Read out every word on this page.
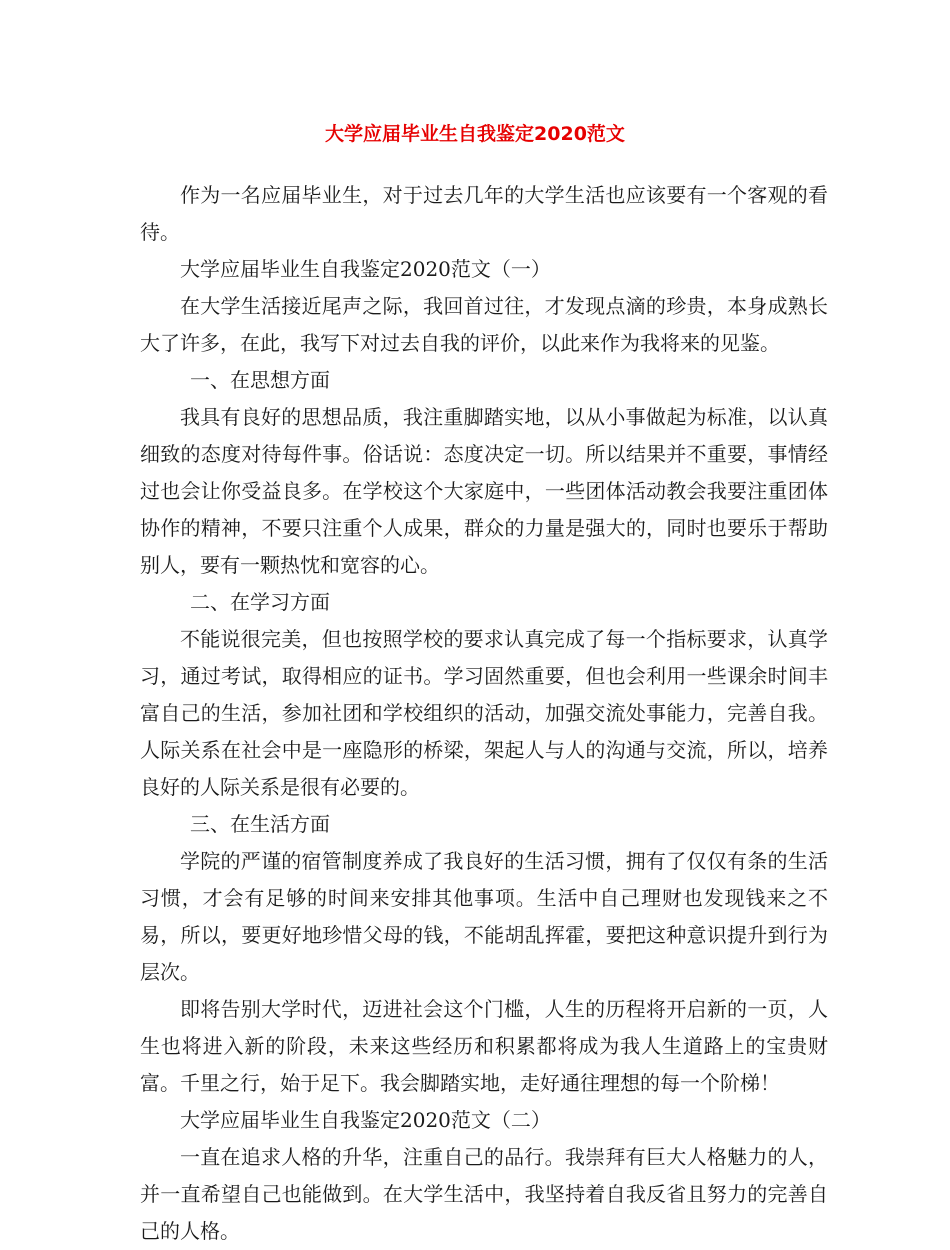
大学应届毕业生自我鉴定2020范文

作为一名应届毕业生，对于过去几年的大学生活也应该要有一个客观的看待。

大学应届毕业生自我鉴定2020范文（一）

在大学生活接近尾声之际，我回首过往，才发现点滴的珍贵，本身成熟长大了许多，在此，我写下对过去自我的评价，以此来作为我将来的见鉴。

一、在思想方面

我具有良好的思想品质，我注重脚踏实地，以从小事做起为标准，以认真细致的态度对待每件事。俗话说：态度决定一切。所以结果并不重要，事情经过也会让你受益良多。在学校这个大家庭中，一些团体活动教会我要注重团体协作的精神，不要只注重个人成果，群众的力量是强大的，同时也要乐于帮助别人，要有一颗热忱和宽容的心。

二、在学习方面

不能说很完美，但也按照学校的要求认真完成了每一个指标要求，认真学习，通过考试，取得相应的证书。学习固然重要，但也会利用一些课余时间丰富自己的生活，参加社团和学校组织的活动，加强交流处事能力，完善自我。人际关系在社会中是一座隐形的桥梁，架起人与人的沟通与交流，所以，培养良好的人际关系是很有必要的。

三、在生活方面

学院的严谨的宿管制度养成了我良好的生活习惯，拥有了仅仅有条的生活习惯，才会有足够的时间来安排其他事项。生活中自己理财也发现钱来之不易，所以，要更好地珍惜父母的钱，不能胡乱挥霍，要把这种意识提升到行为层次。

即将告别大学时代，迈进社会这个门槛，人生的历程将开启新的一页，人生也将进入新的阶段，未来这些经历和积累都将成为我人生道路上的宝贵财富。千里之行，始于足下。我会脚踏实地，走好通往理想的每一个阶梯！

大学应届毕业生自我鉴定2020范文（二）

一直在追求人格的升华，注重自己的品行。我崇拜有巨大人格魅力的人，并一直希望自己也能做到。在大学生活中，我坚持着自我反省且努力的完善自己的人格。
